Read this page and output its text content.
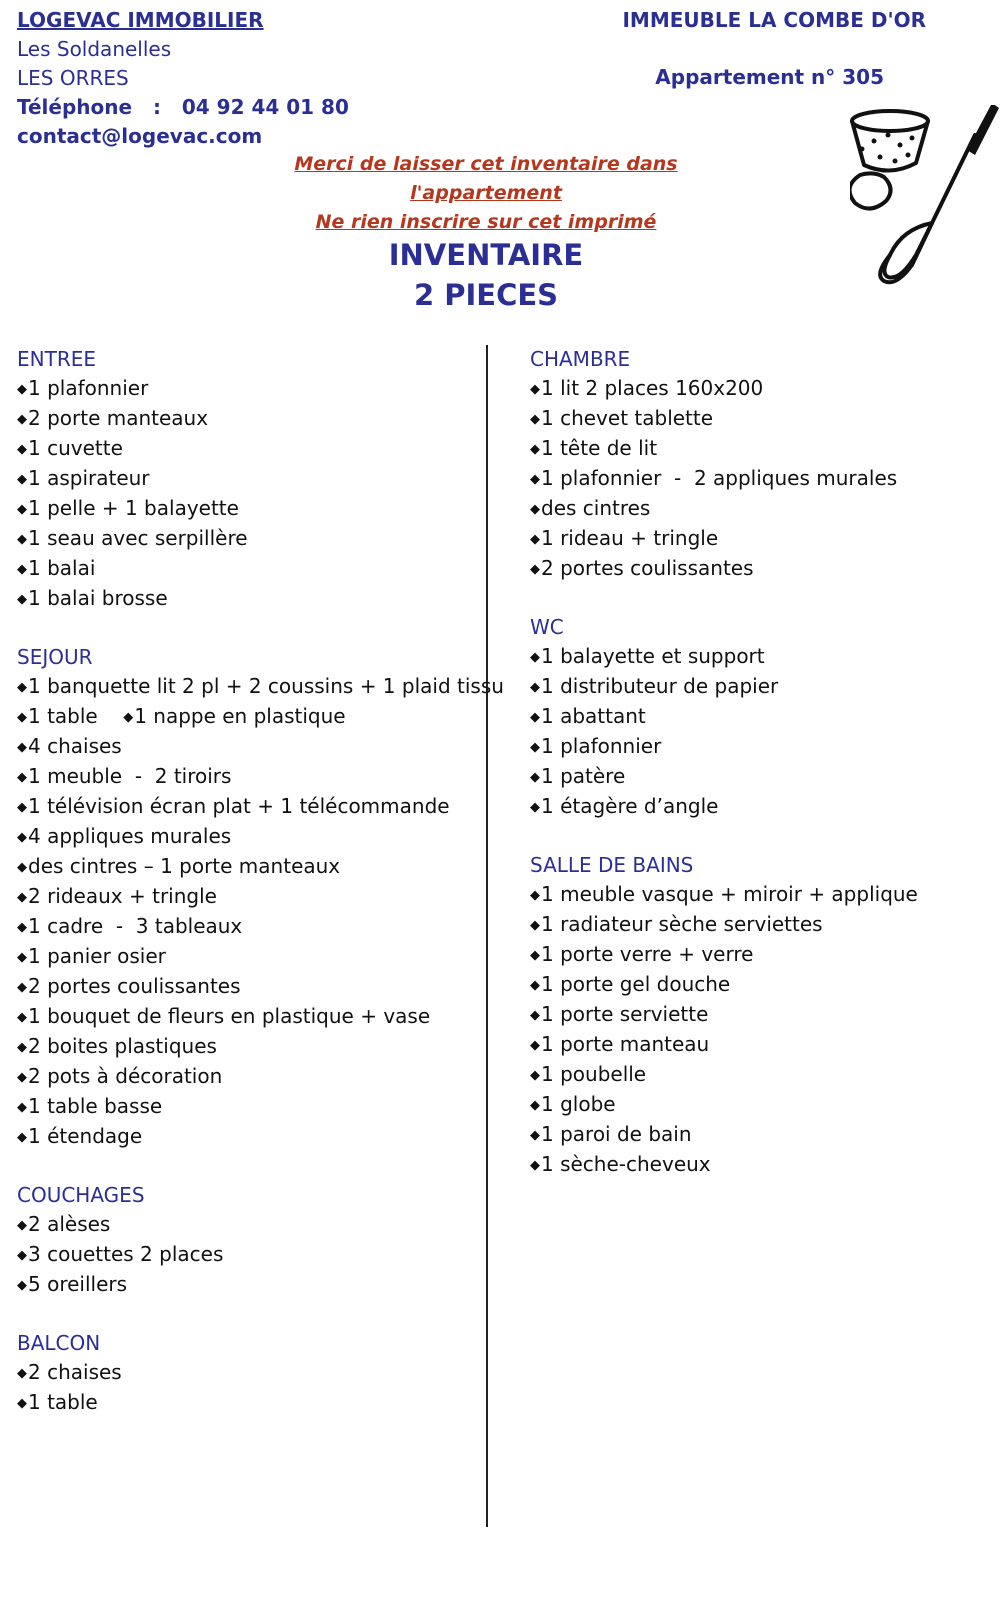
LOGEVAC IMMOBILIER
Les Soldanelles
LES ORRES
Téléphone : 04 92 44 01 80
contact@logevac.com
IMMEUBLE LA COMBE D'OR
Appartement n° 305
Merci de laisser cet inventaire dans l'appartement
Ne rien inscrire sur cet imprimé
INVENTAIRE
2 PIECES
ENTREE
◆1 plafonnier
◆2 porte manteaux
◆1 cuvette
◆1 aspirateur
◆1 pelle + 1 balayette
◆1 seau avec serpillère
◆1 balai
◆1 balai brosse
SEJOUR
◆1 banquette lit 2 pl + 2 coussins + 1 plaid tissu
◆1 table ◆1 nappe en plastique
◆4 chaises
◆1 meuble  -  2 tiroirs
◆1 télévision écran plat + 1 télécommande
◆4 appliques murales
◆des cintres – 1 porte manteaux
◆2 rideaux + tringle
◆1 cadre  -  3 tableaux
◆1 panier osier
◆2 portes coulissantes
◆1 bouquet de fleurs en plastique + vase
◆2 boites plastiques
◆2 pots à décoration
◆1 table basse
◆1 étendage
COUCHAGES
◆2 alèses
◆3 couettes 2 places
◆5 oreillers
BALCON
◆2 chaises
◆1 table
CHAMBRE
◆1 lit 2 places 160x200
◆1 chevet tablette
◆1 tête de lit
◆1 plafonnier  -  2 appliques murales
◆des cintres
◆1 rideau + tringle
◆2 portes coulissantes
WC
◆1 balayette et support
◆1 distributeur de papier
◆1 abattant
◆1 plafonnier
◆1 patère
◆1 étagère d’angle
SALLE DE BAINS
◆1 meuble vasque + miroir + applique
◆1 radiateur sèche serviettes
◆1 porte verre + verre
◆1 porte gel douche
◆1 porte serviette
◆1 porte manteau
◆1 poubelle
◆1 globe
◆1 paroi de bain
◆1 sèche-cheveux
